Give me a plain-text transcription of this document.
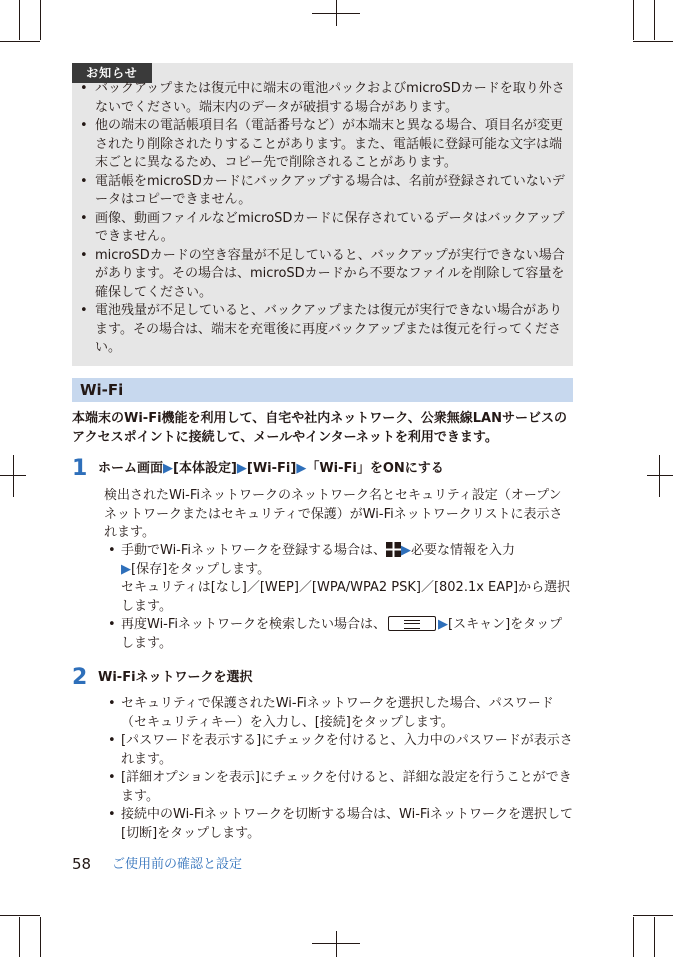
お知らせ
• バックアップまたは復元中に端末の電池パックおよびmicroSDカードを取り外さないでください。端末内のデータが破損する場合があります。
• 他の端末の電話帳項目名（電話番号など）が本端末と異なる場合、項目名が変更されたり削除されたりすることがあります。また、電話帳に登録可能な文字は端末ごとに異なるため、コピー先で削除されることがあります。
• 電話帳をmicroSDカードにバックアップする場合は、名前が登録されていないデータはコピーできません。
• 画像、動画ファイルなどmicroSDカードに保存されているデータはバックアップできません。
• microSDカードの空き容量が不足していると、バックアップが実行できない場合があります。その場合は、microSDカードから不要なファイルを削除して容量を確保してください。
• 電池残量が不足していると、バックアップまたは復元が実行できない場合があります。その場合は、端末を充電後に再度バックアップまたは復元を行ってください。
Wi-Fi

本端末のWi-Fi機能を利用して、自宅や社内ネットワーク、公衆無線LANサービスのアクセスポイントに接続して、メールやインターネットを利用できます。

1 ホーム画面▶[本体設定]▶[Wi-Fi]▶「Wi-Fi」をONにする

検出されたWi-Fiネットワークのネットワーク名とセキュリティ設定（オープンネットワークまたはセキュリティで保護）がWi-Fiネットワークリストに表示されます。

• 手動でWi-Fiネットワークを登録する場合は、 ▶必要な情報を入力
▶[保存]をタップします。
セキュリティは[なし]／[WEP]／[WPA/WPA2 PSK]／[802.1x EAP]から選択します。
• 再度Wi-Fiネットワークを検索したい場合は、	▶[スキャン]をタップします。
2 Wi-Fiネットワークを選択
• セキュリティで保護されたWi-Fiネットワークを選択した場合、パスワード（セキュリティキー）を入力し、[接続]をタップします。
• [パスワードを表示する]にチェックを付けると、入力中のパスワードが表示されます。
• [詳細オプションを表示]にチェックを付けると、詳細な設定を行うことができます。
• 接続中のWi-Fiネットワークを切断する場合は、Wi-Fiネットワークを選択して[切断]をタップします。
58 ご使用前の確認と設定
